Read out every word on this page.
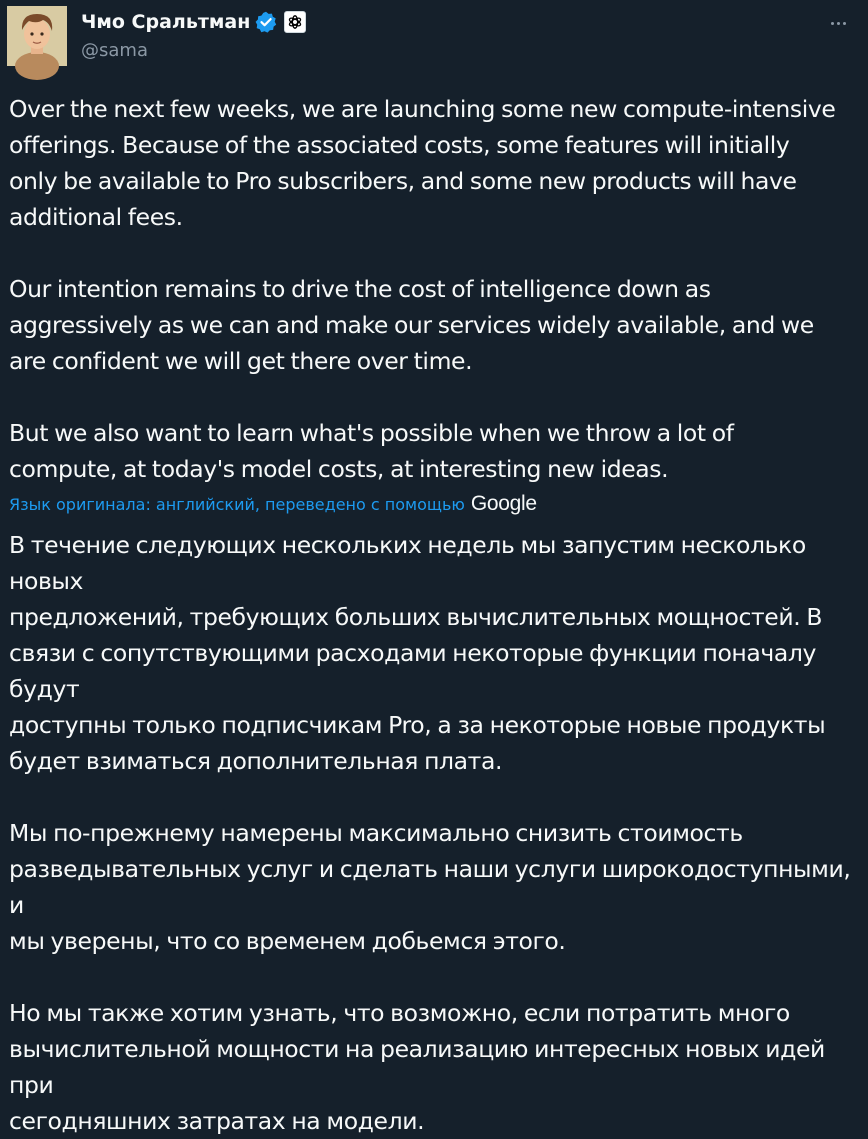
Чмо Сральтман
@sama
Over the next few weeks, we are launching some new compute-intensive
offerings. Because of the associated costs, some features will initially
only be available to Pro subscribers, and some new products will have
additional fees.

Our intention remains to drive the cost of intelligence down as
aggressively as we can and make our services widely available, and we
are confident we will get there over time.

But we also want to learn what's possible when we throw a lot of
compute, at today's model costs, at interesting new ideas.
Язык оригинала: английский, переведено с помощью Google
В течение следующих нескольких недель мы запустим несколько новых
предложений, требующих больших вычислительных мощностей. В
связи с сопутствующими расходами некоторые функции поначалу будут
доступны только подписчикам Pro, а за некоторые новые продукты
будет взиматься дополнительная плата.

Мы по-прежнему намерены максимально снизить стоимость
разведывательных услуг и сделать наши услуги широкодоступными, и
мы уверены, что со временем добьемся этого.

Но мы также хотим узнать, что возможно, если потратить много
вычислительной мощности на реализацию интересных новых идей при
сегодняшних затратах на модели.
